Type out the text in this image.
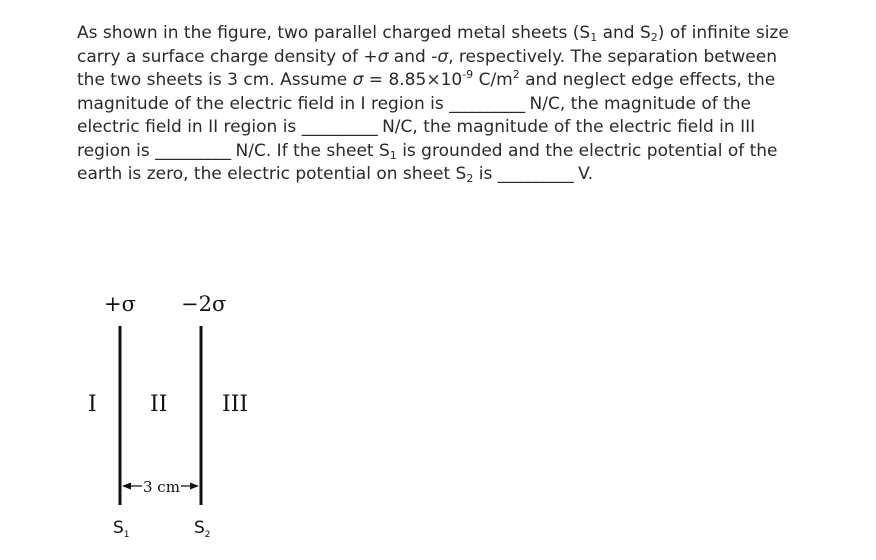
As shown in the figure, two parallel charged metal sheets ($S_1$ and $S_2$) of infinite size carry a surface charge density of +σ and -σ, respectively. The separation between the two sheets is 3 cm. Assume $\sigma = 8.85\times 10^{-9}$ $C/m^2$ and neglect edge effects, the magnitude of the electric field in I region is __________ N/C, the magnitude of the electric field in II region is __________ N/C, the magnitude of the electric field in III region is __________ N/C. If the sheet $S_1$ is grounded and the electric potential of the earth is zero, the electric potential on sheet $S_2$ is __________ V.

+σ −2σ
I II III
3 cm
$S_1$	$S_2$
